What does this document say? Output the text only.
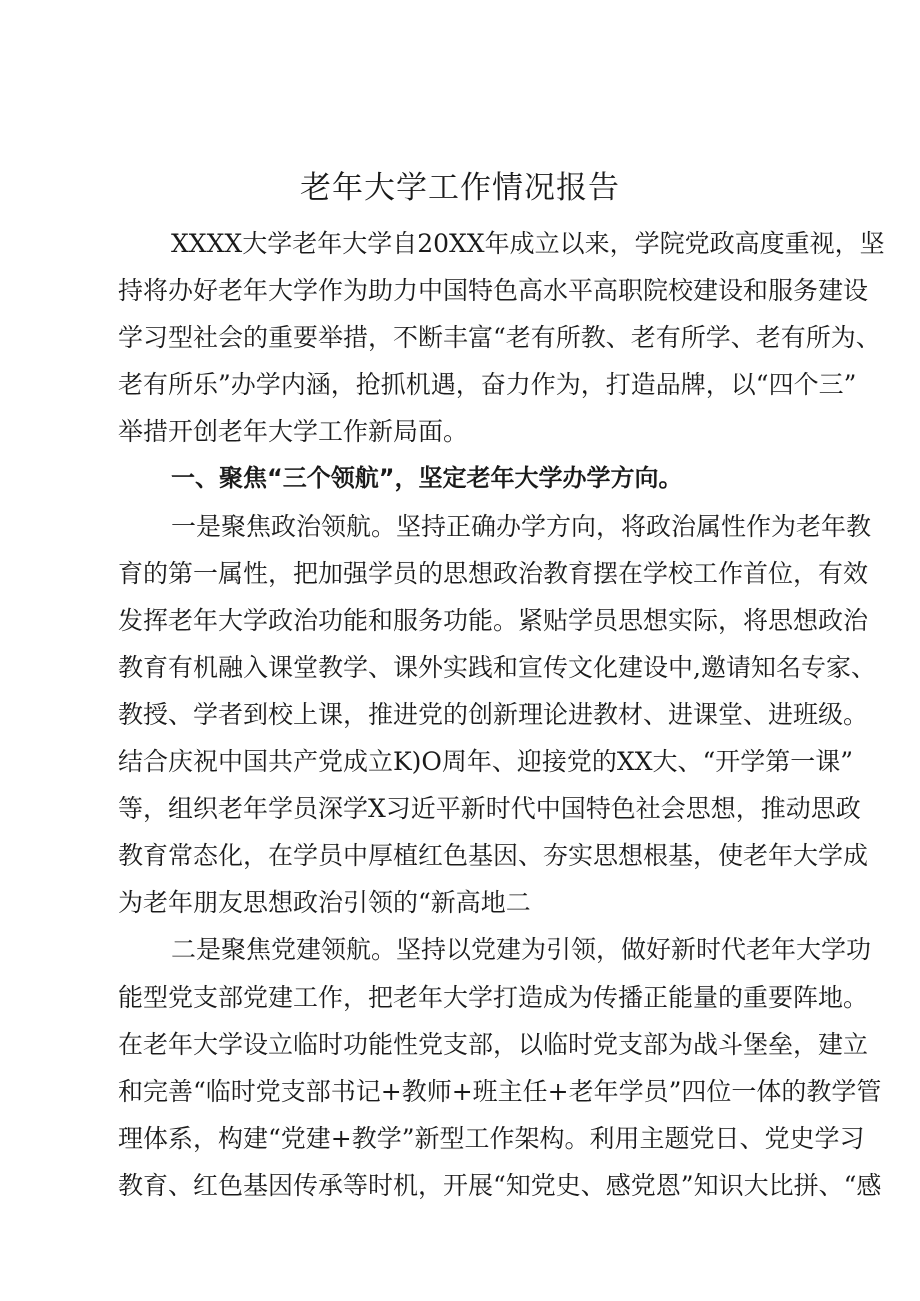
老年大学工作情况报告
XXXX大学老年大学自20XX年成立以来，学院党政高度重视，坚
持将办好老年大学作为助力中国特色高水平高职院校建设和服务建设
学习型社会的重要举措，不断丰富“老有所教、老有所学、老有所为、
老有所乐”办学内涵，抢抓机遇，奋力作为，打造品牌，以“四个三”
举措开创老年大学工作新局面。
一、聚焦“三个领航”，坚定老年大学办学方向。
一是聚焦政治领航。坚持正确办学方向，将政治属性作为老年教
育的第一属性，把加强学员的思想政治教育摆在学校工作首位，有效
发挥老年大学政治功能和服务功能。紧贴学员思想实际，将思想政治
教育有机融入课堂教学、课外实践和宣传文化建设中,邀请知名专家、
教授、学者到校上课，推进党的创新理论进教材、进课堂、进班级。
结合庆祝中国共产党成立K)O周年、迎接党的XX大、“开学第一课”
等，组织老年学员深学X习近平新时代中国特色社会思想，推动思政
教育常态化，在学员中厚植红色基因、夯实思想根基，使老年大学成
为老年朋友思想政治引领的“新高地二
二是聚焦党建领航。坚持以党建为引领，做好新时代老年大学功
能型党支部党建工作，把老年大学打造成为传播正能量的重要阵地。
在老年大学设立临时功能性党支部，以临时党支部为战斗堡垒，建立
和完善“临时党支部书记+教师+班主任+老年学员”四位一体的教学管
理体系，构建“党建+教学”新型工作架构。利用主题党日、党史学习
教育、红色基因传承等时机，开展“知党史、感党恩”知识大比拼、“感
